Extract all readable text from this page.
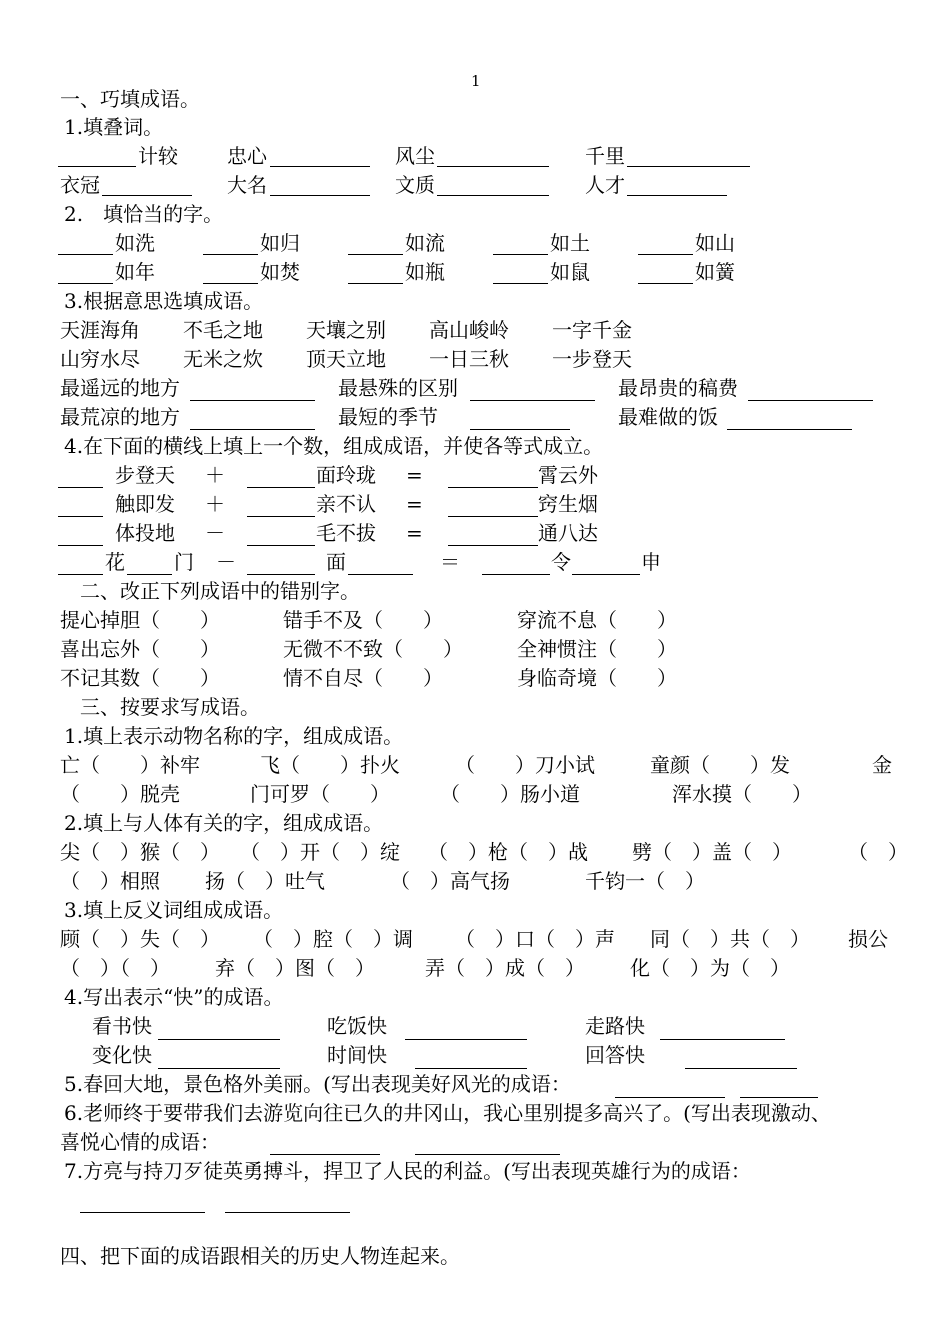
1
一、巧填成语。
1.填叠词。
计较 忠心	风尘	千里
衣冠	大名	文质	人才
2.　填恰当的字。
如洗	如归	如流	如土	如山
如年	如焚	如瓶	如鼠	如簧
3.根据意思选填成语。
天涯海角 不毛之地 天壤之别 高山峻岭 一字千金
山穷水尽 无米之炊 顶天立地 一日三秋 一步登天
最遥远的地方	最悬殊的区别	最昂贵的稿费
最荒凉的地方	最短的季节	最难做的饭
4.在下面的横线上填上一个数，组成成语，并使各等式成立。
步登天 ＋	面玲珑 =	霄云外
触即发 ＋	亲不认 =	窍生烟
体投地 －	毛不拔 =	通八达
花 门 －	面	＝	令	申
二、改正下列成语中的错别字。
提心掉胆（　　）	错手不及（　　）	穿流不息（　　）
喜出忘外（　　）	无微不不致（　　）	全神惯注（　　）
不记其数（　　）	情不自尽（　　）	身临奇境（　　）
三、按要求写成语。
1.填上表示动物名称的字，组成成语。
亡（　　）补牢	飞（　　）扑火	（　　）刀小试	童颜（　　）发	金
（　　）脱壳	门可罗（　　）	（　　）肠小道	浑水摸（　　）
2.填上与人体有关的字，组成成语。
尖（　）猴（　） （　）开（　）绽 （　）枪（　）战 劈（　）盖（　）	（　）
（　）相照 扬（　）吐气	（　）高气扬	千钧一（　）
3.填上反义词组成成语。
顾（　）失（　） （　）腔（　）调 （　）口（　）声 同（　）共（　） 损公
（　）（　） 弃（　）图（　）	弄（　）成（　） 化（　）为（　）
4.写出表示“快”的成语。
看书快	吃饭快	走路快
变化快	时间快	回答快
5.春回大地，景色格外美丽。(写出表现美好风光的成语：
6.老师终于要带我们去游览向往已久的井冈山，我心里别提多高兴了。(写出表现激动、
喜悦心情的成语：
7.方亮与持刀歹徒英勇搏斗，捍卫了人民的利益。(写出表现英雄行为的成语：
四、把下面的成语跟相关的历史人物连起来。
